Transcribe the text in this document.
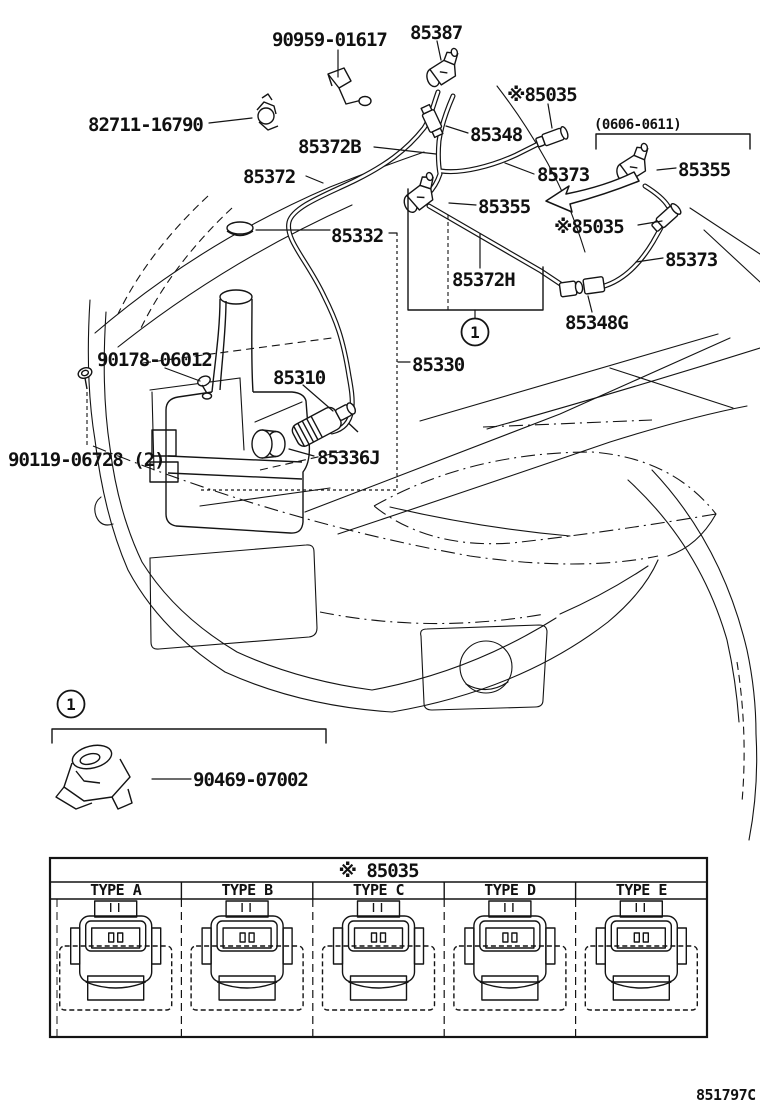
1
1
90959-01617 85387
※85035
82711-16790	85348
85372B
(0606-0611)
85372	85373	85355
85355
※85035
85332
85373
85372H
85348G
90178-06012	85330
85310
85336J
90119-06728 (2)
90469-07002
※ 85035
TYPE A	TYPE B	TYPE C	TYPE D	TYPE E
851797C
